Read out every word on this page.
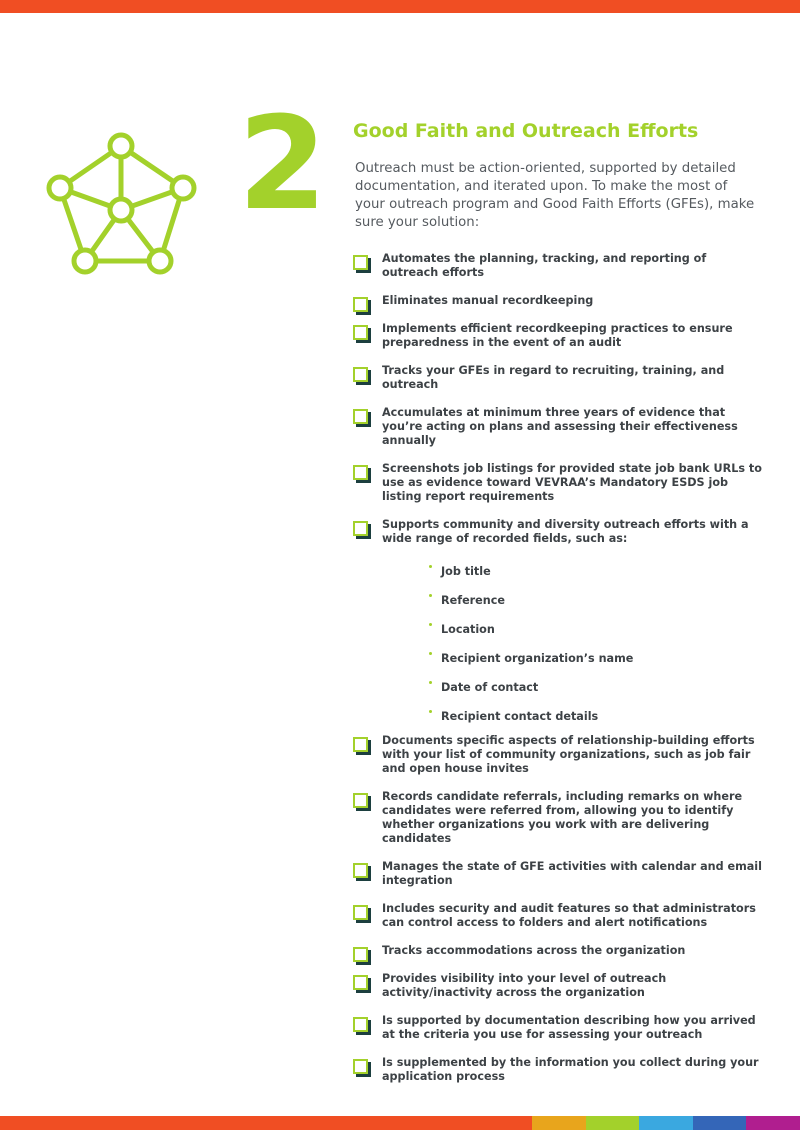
2 Good Faith and Outreach Efforts

Outreach must be action-oriented, supported by detailed documentation, and iterated upon. To make the most of your outreach program and Good Faith Efforts (GFEs), make sure your solution:

Automates the planning, tracking, and reporting of outreach efforts
Eliminates manual recordkeeping
Implements efficient recordkeeping practices to ensure preparedness in the event of an audit
Tracks your GFEs in regard to recruiting, training, and outreach
Accumulates at minimum three years of evidence that you’re acting on plans and assessing their effectiveness annually
Screenshots job listings for provided state job bank URLs to use as evidence toward VEVRAA’s Mandatory ESDS job listing report requirements
Supports community and diversity outreach efforts with a wide range of recorded fields, such as:
Job title
Reference
Location
Recipient organization’s name
Date of contact
Recipient contact details
Documents specific aspects of relationship-building efforts with your list of community organizations, such as job fair and open house invites
Records candidate referrals, including remarks on where candidates were referred from, allowing you to identify whether organizations you work with are delivering candidates
Manages the state of GFE activities with calendar and email integration
Includes security and audit features so that administrators can control access to folders and alert notifications
Tracks accommodations across the organization
Provides visibility into your level of outreach activity/inactivity across the organization
Is supported by documentation describing how you arrived at the criteria you use for assessing your outreach
Is supplemented by the information you collect during your application process
